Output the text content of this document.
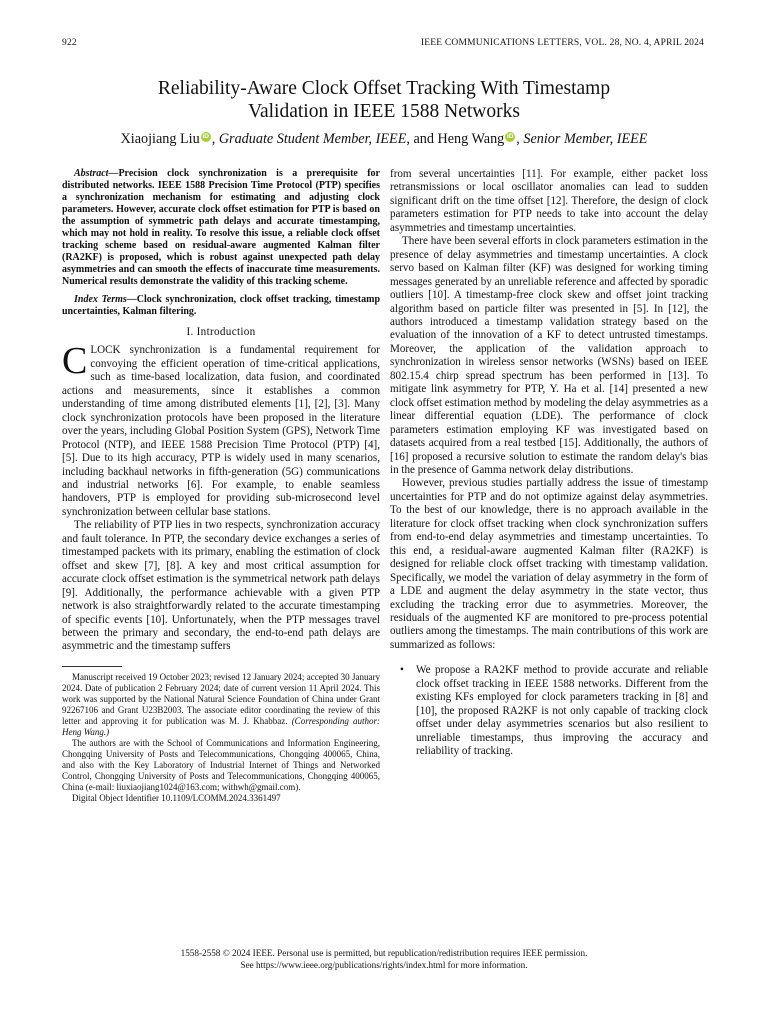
922	IEEE COMMUNICATIONS LETTERS, VOL. 28, NO. 4, APRIL 2024
Reliability-Aware Clock Offset Tracking With Timestamp
Validation in IEEE 1588 Networks
Xiaojiang Liu iD , Graduate Student Member, IEEE, and Heng Wang iD , Senior Member, IEEE

Abstract—Precision clock synchronization is a prerequisite for distributed networks. IEEE 1588 Precision Time Protocol (PTP) specifies a synchronization mechanism for estimating and adjusting clock parameters. However, accurate clock offset estimation for PTP is based on the assumption of symmetric path delays and accurate timestamping, which may not hold in reality. To resolve this issue, a reliable clock offset tracking scheme based on residual-aware augmented Kalman filter (RA2KF) is proposed, which is robust against unexpected path delay asymmetries and can smooth the effects of inaccurate time measurements. Numerical results demonstrate the validity of this tracking scheme.

Index Terms—Clock synchronization, clock offset tracking, timestamp uncertainties, Kalman filtering.

I. Introduction

CLOCK synchronization is a fundamental requirement for convoying the efficient operation of time-critical applications, such as time-based localization, data fusion, and coordinated actions and measurements, since it establishes a common understanding of time among distributed elements [1], [2], [3]. Many clock synchronization protocols have been proposed in the literature over the years, including Global Position System (GPS), Network Time Protocol (NTP), and IEEE 1588 Precision Time Protocol (PTP) [4], [5]. Due to its high accuracy, PTP is widely used in many scenarios, including backhaul networks in fifth-generation (5G) communications and industrial networks [6]. For example, to enable seamless handovers, PTP is employed for providing sub-microsecond level synchronization between cellular base stations.

The reliability of PTP lies in two respects, synchronization accuracy and fault tolerance. In PTP, the secondary device exchanges a series of timestamped packets with its primary, enabling the estimation of clock offset and skew [7], [8]. A key and most critical assumption for accurate clock offset estimation is the symmetrical network path delays [9]. Additionally, the performance achievable with a given PTP network is also straightforwardly related to the accurate timestamping of specific events [10]. Unfortunately, when the PTP messages travel between the primary and secondary, the end-to-end path delays are asymmetric and the timestamp suffers

Manuscript received 19 October 2023; revised 12 January 2024; accepted 30 January 2024. Date of publication 2 February 2024; date of current version 11 April 2024. This work was supported by the National Natural Science Foundation of China under Grant 92267106 and Grant U23B2003. The associate editor coordinating the review of this letter and approving it for publication was M. J. Khabbaz. (Corresponding author: Heng Wang.)

The authors are with the School of Communications and Information Engineering, Chongqing University of Posts and Telecommunications, Chongqing 400065, China, and also with the Key Laboratory of Industrial Internet of Things and Networked Control, Chongqing University of Posts and Telecommunications, Chongqing 400065, China (e-mail: liuxiaojiang1024@163.com; withwh@gmail.com).

Digital Object Identifier 10.1109/LCOMM.2024.3361497

from several uncertainties [11]. For example, either packet loss retransmissions or local oscillator anomalies can lead to sudden significant drift on the time offset [12]. Therefore, the design of clock parameters estimation for PTP needs to take into account the delay asymmetries and timestamp uncertainties.

There have been several efforts in clock parameters estimation in the presence of delay asymmetries and timestamp uncertainties. A clock servo based on Kalman filter (KF) was designed for working timing messages generated by an unreliable reference and affected by sporadic outliers [10]. A timestamp-free clock skew and offset joint tracking algorithm based on particle filter was presented in [5]. In [12], the authors introduced a timestamp validation strategy based on the evaluation of the innovation of a KF to detect untrusted timestamps. Moreover, the application of the validation approach to synchronization in wireless sensor networks (WSNs) based on IEEE 802.15.4 chirp spread spectrum has been performed in [13]. To mitigate link asymmetry for PTP, Y. Ha et al. [14] presented a new clock offset estimation method by modeling the delay asymmetries as a linear differential equation (LDE). The performance of clock parameters estimation employing KF was investigated based on datasets acquired from a real testbed [15]. Additionally, the authors of [16] proposed a recursive solution to estimate the random delay's bias in the presence of Gamma network delay distributions.

However, previous studies partially address the issue of timestamp uncertainties for PTP and do not optimize against delay asymmetries. To the best of our knowledge, there is no approach available in the literature for clock offset tracking when clock synchronization suffers from end-to-end delay asymmetries and timestamp uncertainties. To this end, a residual-aware augmented Kalman filter (RA2KF) is designed for reliable clock offset tracking with timestamp validation. Specifically, we model the variation of delay asymmetry in the form of a LDE and augment the delay asymmetry in the state vector, thus excluding the tracking error due to asymmetries. Moreover, the residuals of the augmented KF are monitored to pre-process potential outliers among the timestamps. The main contributions of this work are summarized as follows:

• We propose a RA2KF method to provide accurate and reliable clock offset tracking in IEEE 1588 networks. Different from the existing KFs employed for clock parameters tracking in [8] and [10], the proposed RA2KF is not only capable of tracking clock offset under delay asymmetries scenarios but also resilient to unreliable timestamps, thus improving the accuracy and reliability of tracking.
1558-2558 © 2024 IEEE. Personal use is permitted, but republication/redistribution requires IEEE permission.
See https://www.ieee.org/publications/rights/index.html for more information.
